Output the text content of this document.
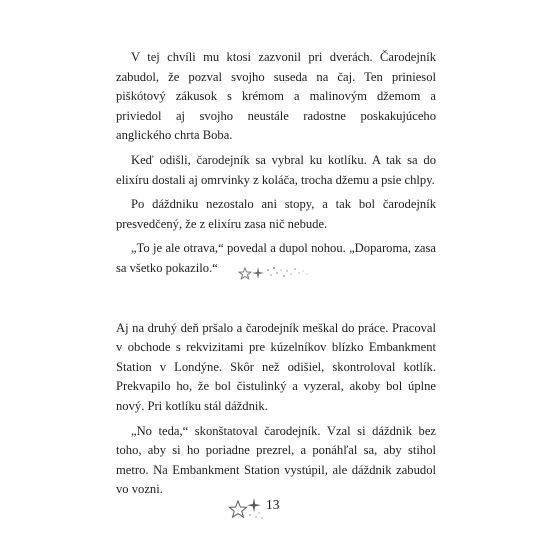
V tej chvíli mu ktosi zazvonil pri dverách. Čarodejník zabudol, že pozval svojho suseda na čaj. Ten priniesol piškótový zákusok s krémom a malinovým džemom a priviedol aj svojho neustále radostne poskakujúceho anglického chrta Boba.

Keď odišli, čarodejník sa vybral ku kotlíku. A tak sa do elixíru dostali aj omrvinky z koláča, trocha džemu a psie chlpy.

Po dáždniku nezostalo ani stopy, a tak bol čarodejník presvedčený, že z elixíru zasa nič nebude.

„To je ale otrava,“ povedal a dupol nohou. „Doparoma, zasa sa všetko pokazilo.“

Aj na druhý deň pršalo a čarodejník meškal do práce. Pracoval v obchode s rekvizitami pre kúzelníkov blízko Embankment Station v Londýne. Skôr než odišiel, skontroloval kotlík. Prekvapilo ho, že bol čistulinký a vyzeral, akoby bol úplne nový. Pri kotlíku stál dáždnik.

„No teda,“ skonštatoval čarodejník. Vzal si dáždnik bez toho, aby si ho poriadne prezrel, a ponáhľal sa, aby stihol metro. Na Embankment Station vystúpil, ale dáždnik zabudol vo vozni.

13
